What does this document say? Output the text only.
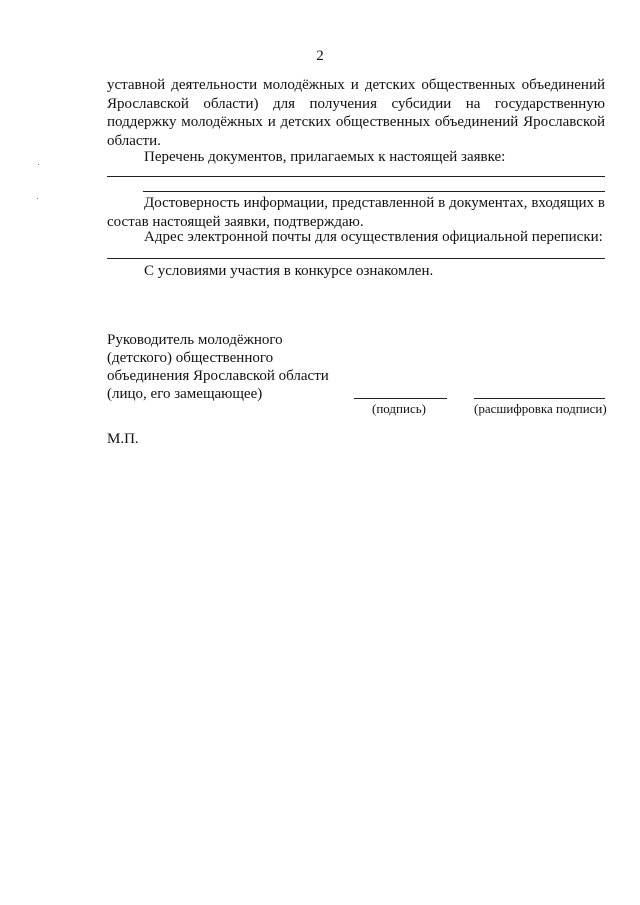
2
уставной деятельности молодёжных и детских общественных объединений Ярославской области) для получения субсидии на государственную поддержку молодёжных и детских общественных объединений Ярославской области.
Перечень документов, прилагаемых к настоящей заявке:
Достоверность информации, представленной в документах, входящих в состав настоящей заявки, подтверждаю.
Адрес электронной почты для осуществления официальной переписки:
С условиями участия в конкурсе ознакомлен.
Руководитель молодёжного
(детского) общественного
объединения Ярославской области
(лицо, его замещающее)
(подпись)	(расшифровка подписи)
М.П.
